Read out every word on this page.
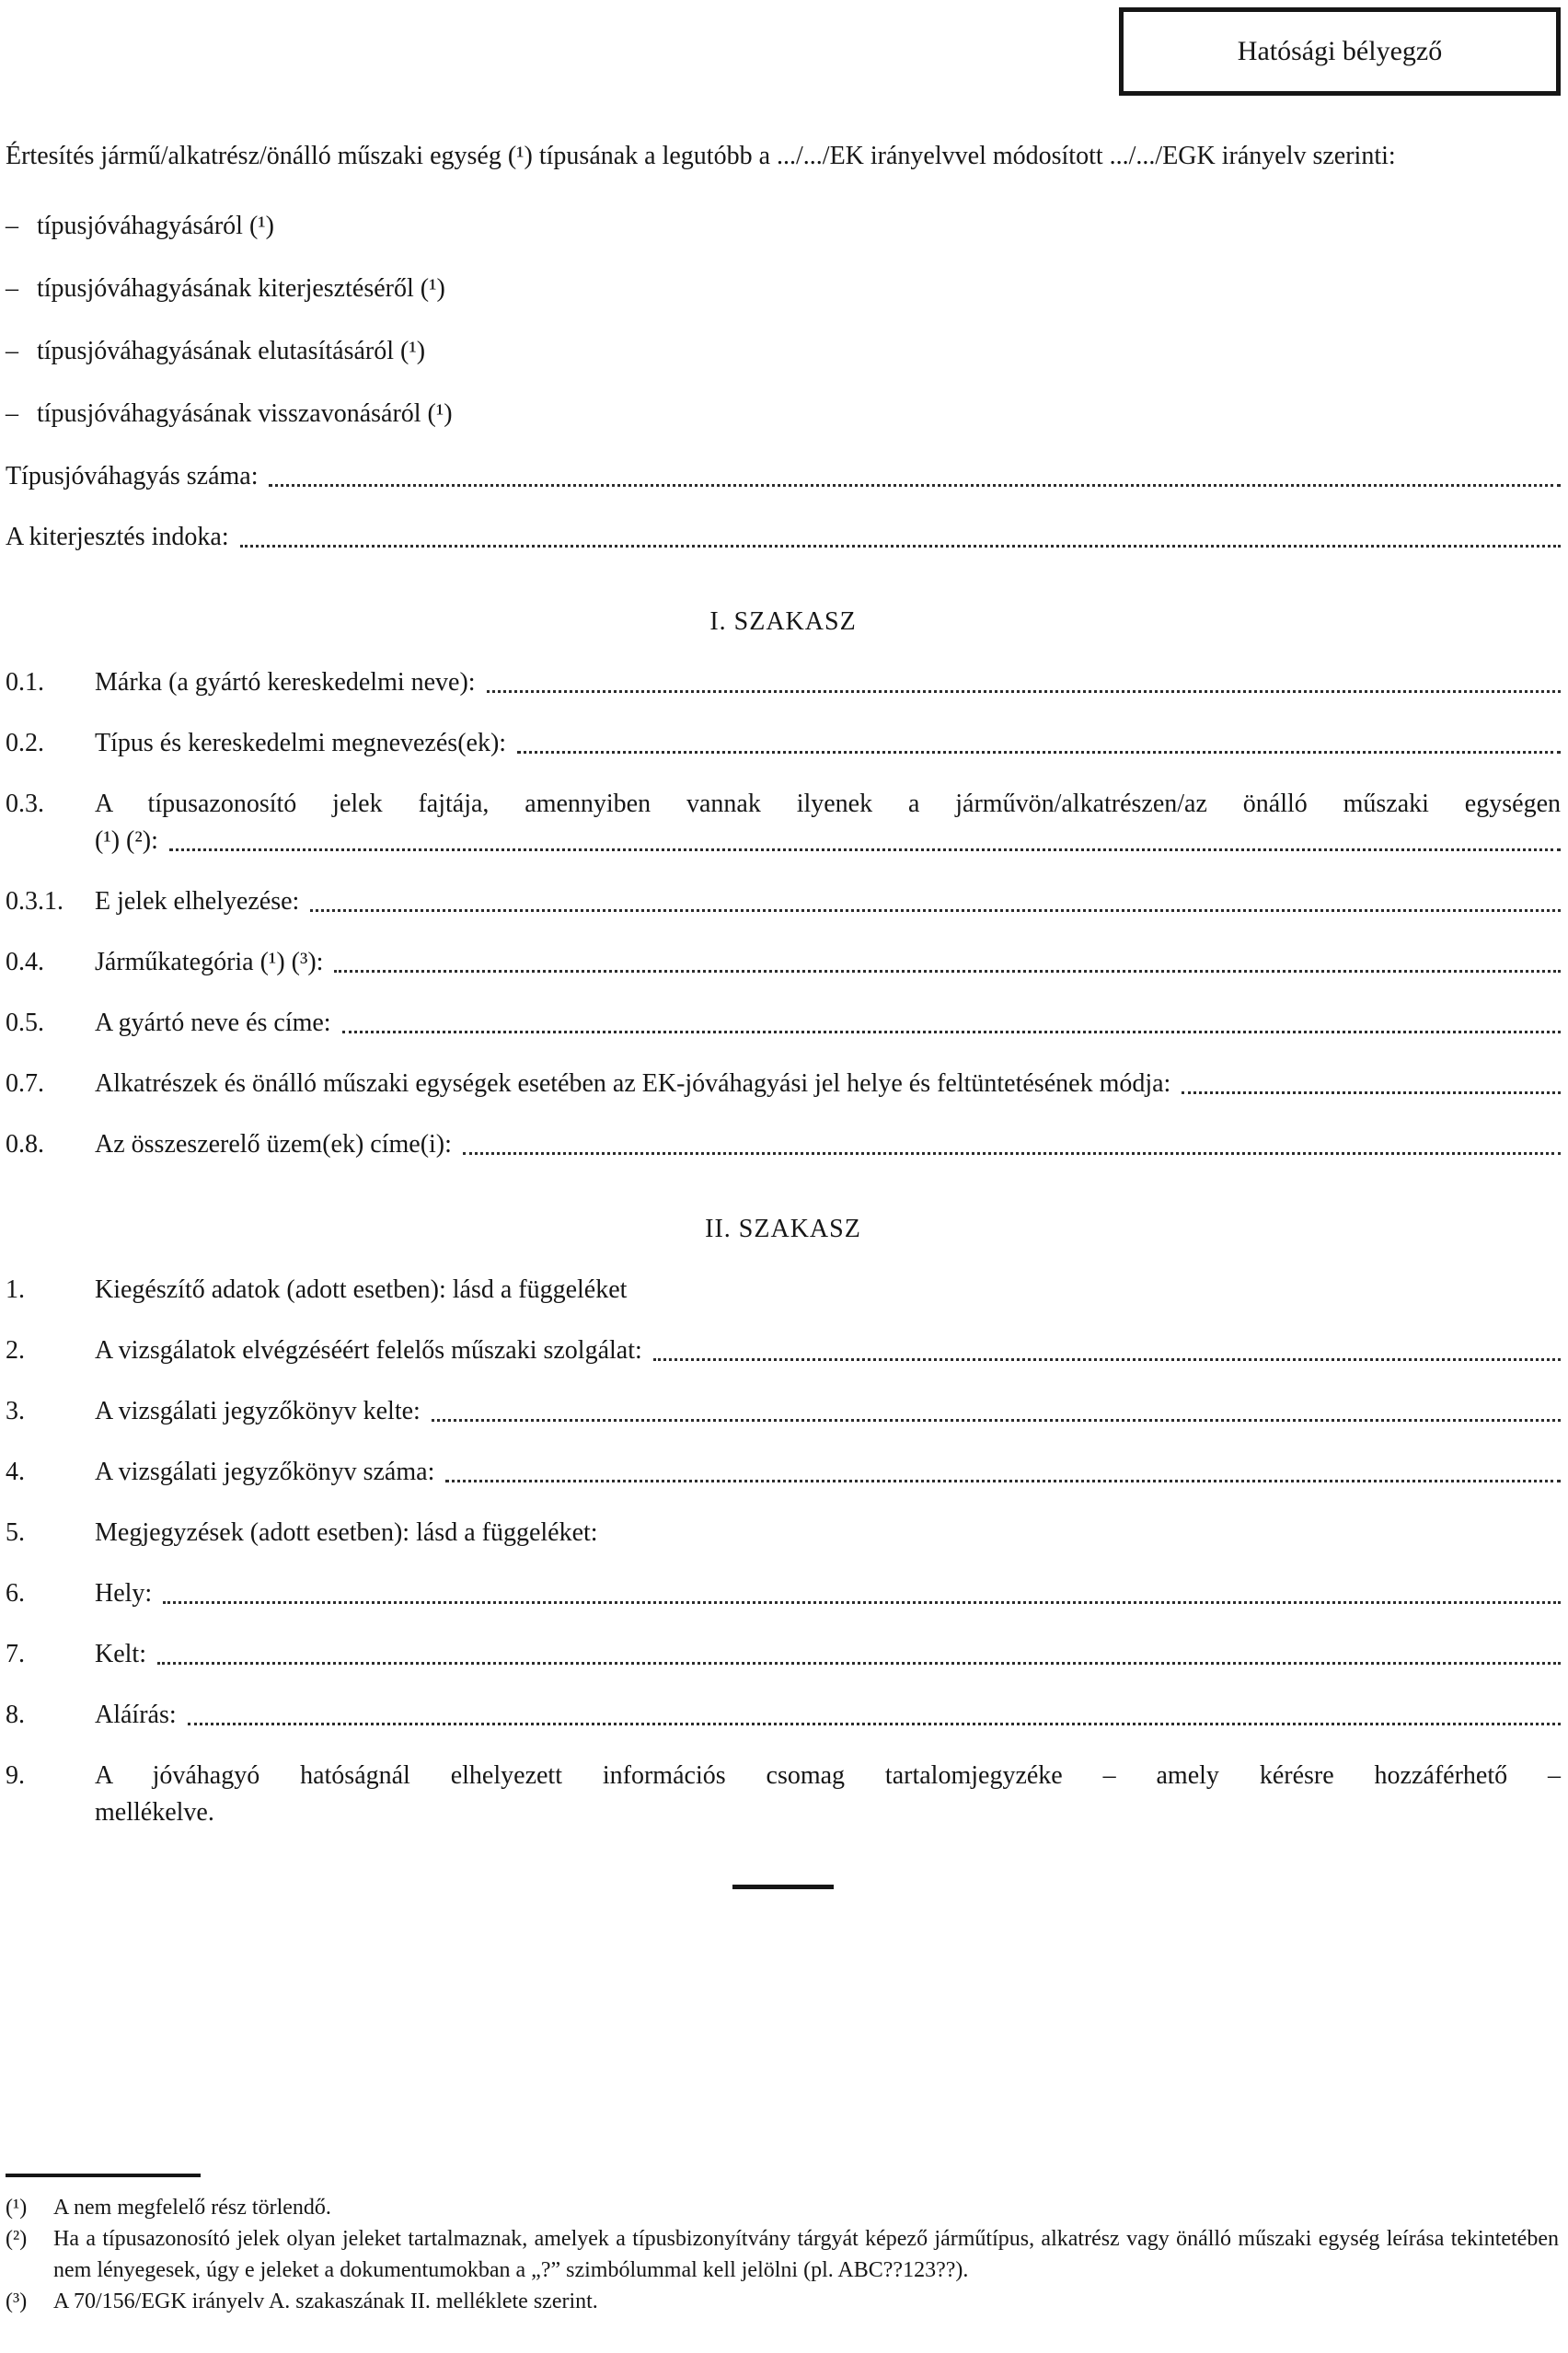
Hatósági bélyegző

Értesítés jármű/alkatrész/önálló műszaki egység (¹) típusának a legutóbb a .../.../EK irányelvvel módosított .../.../EGK irányelv szerinti:

– típusjóváhagyásáról (¹)
– típusjóváhagyásának kiterjesztéséről (¹)
– típusjóváhagyásának elutasításáról (¹)
– típusjóváhagyásának visszavonásáról (¹)
Típusjóváhagyás száma:
A kiterjesztés indoka:
I. SZAKASZ
0.1.	Márka (a gyártó kereskedelmi neve):
0.2.	Típus és kereskedelmi megnevezés(ek):
0.3.	A típusazonosító jelek fajtája, amennyiben vannak ilyenek a járművön/alkatrészen/az önálló műszaki egységen
(¹) (²):
0.3.1.	E jelek elhelyezése:
0.4.	Járműkategória (¹) (³):
0.5.	A gyártó neve és címe:
0.7.	Alkatrészek és önálló műszaki egységek esetében az EK-jóváhagyási jel helye és feltüntetésének módja:
0.8.	Az összeszerelő üzem(ek) címe(i):
II. SZAKASZ
1.	Kiegészítő adatok (adott esetben): lásd a függeléket
2.	A vizsgálatok elvégzéséért felelős műszaki szolgálat:
3.	A vizsgálati jegyzőkönyv kelte:
4.	A vizsgálati jegyzőkönyv száma:
5.	Megjegyzések (adott esetben): lásd a függeléket:
6.	Hely:
7.	Kelt:
8.	Aláírás:
9.	A jóváhagyó hatóságnál elhelyezett információs csomag tartalomjegyzéke – amely kérésre hozzáférhető –
mellékelve.
(¹)	A nem megfelelő rész törlendő.
(²)	Ha a típusazonosító jelek olyan jeleket tartalmaznak, amelyek a típusbizonyítvány tárgyát képező járműtípus, alkatrész vagy önálló műszaki egység leírása tekintetében nem lényegesek, úgy e jeleket a dokumentumokban a „?” szimbólummal kell jelölni (pl. ABC??123??).
(³)	A 70/156/EGK irányelv A. szakaszának II. melléklete szerint.
